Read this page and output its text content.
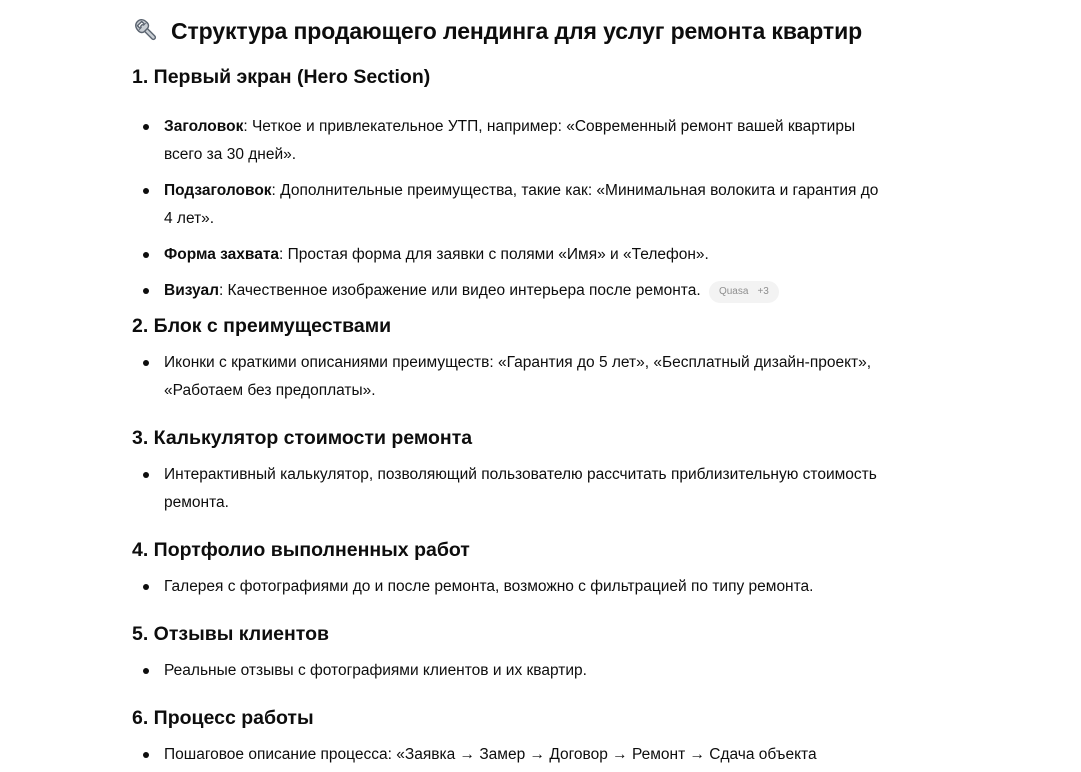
Структура продающего лендинга для услуг ремонта квартир
1. Первый экран (Hero Section)
Заголовок: Четкое и привлекательное УТП, например: «Современный ремонт вашей квартиры
всего за 30 дней».
Подзаголовок: Дополнительные преимущества, такие как: «Минимальная волокита и гарантия до
4 лет».
Форма захвата: Простая форма для заявки с полями «Имя» и «Телефон».
Визуал: Качественное изображение или видео интерьера после ремонта. Quasa +3
2. Блок с преимуществами
Иконки с краткими описаниями преимуществ: «Гарантия до 5 лет», «Бесплатный дизайн-проект»,
«Работаем без предоплаты».
3. Калькулятор стоимости ремонта
Интерактивный калькулятор, позволяющий пользователю рассчитать приблизительную стоимость
ремонта.
4. Портфолио выполненных работ
Галерея с фотографиями до и после ремонта, возможно с фильтрацией по типу ремонта.
5. Отзывы клиентов
Реальные отзывы с фотографиями клиентов и их квартир.
6. Процесс работы
Пошаговое описание процесса: «Заявка → Замер → Договор → Ремонт → Сдача объекта
